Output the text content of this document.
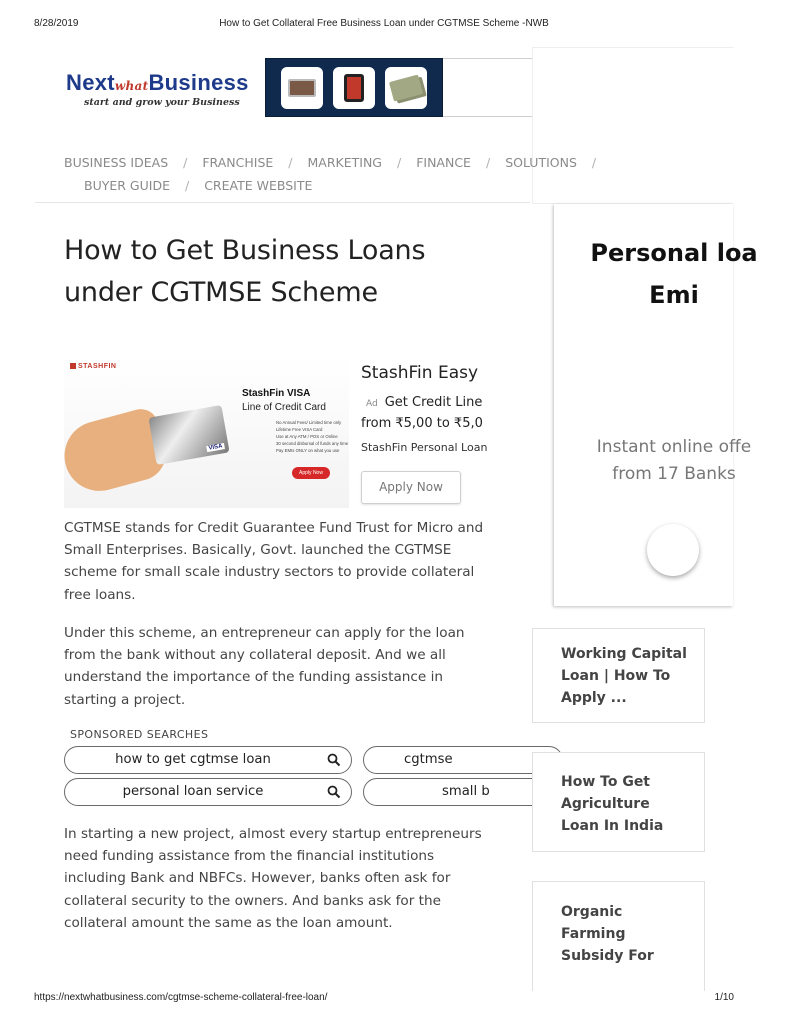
8/28/2019	How to Get Collateral Free Business Loan under CGTMSE Scheme -NWB
NextwhatBusiness
start and grow your Business
BUSINESS IDEAS / FRANCHISE / MARKETING / FINANCE / SOLUTIONS /
BUYER GUIDE / CREATE WEBSITE
How to Get Business Loans under CGTMSE Scheme
STASHFIN
StashFin VISA
Line of Credit Card
No Annual Fees/ Limited time only
Lifetime Free VISA Card
Use at Any ATM / POS or Online
30 second disbursal of funds any time
Pay EMIs ONLY on what you use
Apply Now
VISA
StashFin Easy
Ad Get Credit Line
from ₹5,00 to ₹5,0
StashFin Personal Loan
Apply Now

CGTMSE stands for Credit Guarantee Fund Trust for Micro and Small Enterprises. Basically, Govt. launched the CGTMSE scheme for small scale industry sectors to provide collateral free loans.

Under this scheme, an entrepreneur can apply for the loan from the bank without any collateral deposit. And we all understand the importance of the funding assistance in starting a project.

SPONSORED SEARCHES
how to get cgtmse loan	cgtmse
personal loan service	small b

In starting a new project, almost every startup entrepreneurs need funding assistance from the financial institutions including Bank and NBFCs. However, banks often ask for collateral security to the owners. And banks ask for the collateral amount the same as the loan amount.

Personal loa
Emi
Instant online offe
from 17 Banks
Working Capital Loan | How To Apply ...
How To Get Agriculture Loan In India
Organic Farming Subsidy For
https://nextwhatbusiness.com/cgtmse-scheme-collateral-free-loan/	1/10
